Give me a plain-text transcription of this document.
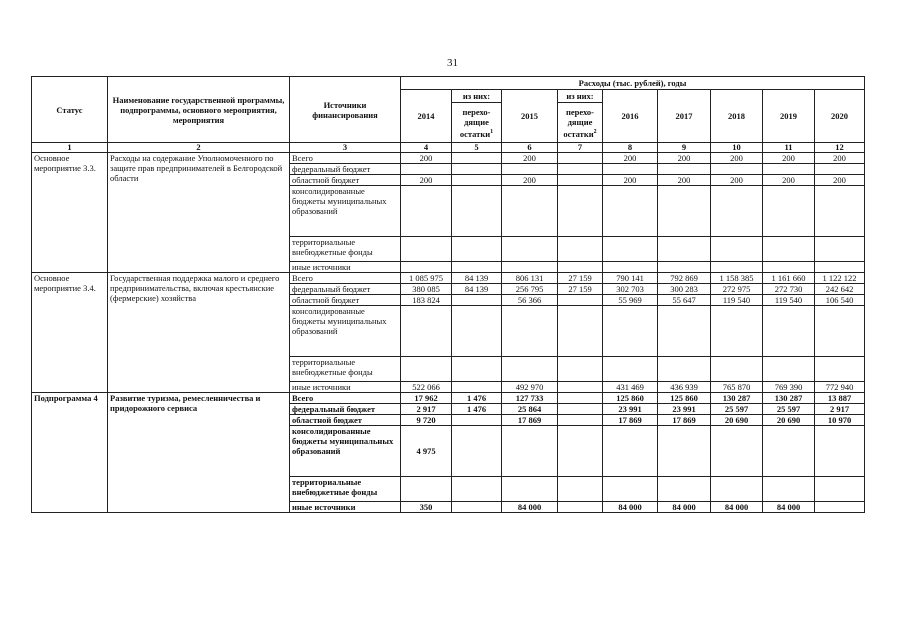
31
Статус	Наименование государственной программы, подпрограммы, основного мероприятия, мероприятия	Источники финансирования	Расходы (тыс. рублей), годы								
			2014	из них:	2015	из них:	2016	2017	2018	2019	2020
				перехо-дящие остатки$^1$		перехо-дящие остатки$^2$
1	2	3	4	5	6	7	8	9	10	11	12
Основное мероприятие 3.3.	Расходы на содержание Уполномоченного по защите прав предпринимателей в Белгородской области	Всего	200		200		200	200	200	200	200
		федеральный бюджет									
		областной бюджет	200		200		200	200	200	200	200
		консолидированные бюджеты муниципальных образований									
		территориальные внебюджетные фонды									
		иные источники									
Основное мероприятие 3.4.	Государственная поддержка малого и среднего предпринимательства, включая крестьянские (фермерские) хозяйства	Всего	1 085 975	84 139	806 131	27 159	790 141	792 869	1 158 385	1 161 660	1 122 122
		федеральный бюджет	380 085	84 139	256 795	27 159	302 703	300 283	272 975	272 730	242 642
		областной бюджет	183 824		56 366		55 969	55 647	119 540	119 540	106 540
		консолидированные бюджеты муниципальных образований									
		территориальные внебюджетные фонды									
		иные источники	522 066		492 970		431 469	436 939	765 870	769 390	772 940
Подпрограмма 4	Развитие туризма, ремесленничества и придорожного сервиса	Всего	17 962	1 476	127 733		125 860	125 860	130 287	130 287	13 887
		федеральный бюджет	2 917	1 476	25 864		23 991	23 991	25 597	25 597	2 917
		областной бюджет	9 720		17 869		17 869	17 869	20 690	20 690	10 970
		консолидированные бюджеты муниципальных образований	4 975								
		территориальные внебюджетные фонды									
		иные источники	350		84 000		84 000	84 000	84 000	84 000	
